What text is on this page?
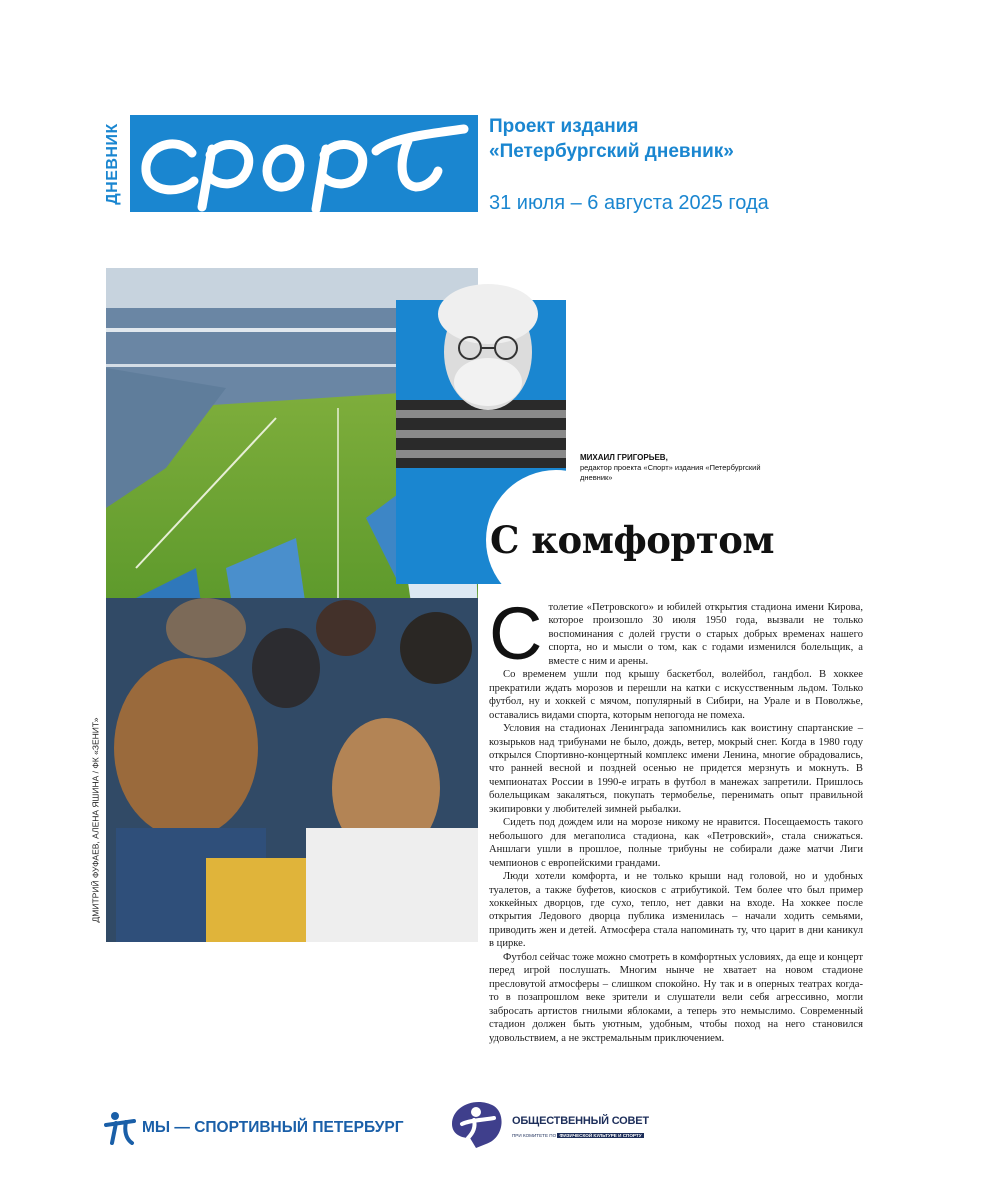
ДНЕВНИК	Проект издания
«Петербургский дневник»
31 июля – 6 августа 2025 года
ДМИТРИЙ ФУФАЕВ, АЛЕНА ЯШИНА / ФК «ЗЕНИТ»
МИХАИЛ ГРИГОРЬЕВ,
редактор проекта «Спорт» издания «Петербургский дневник»
С комфортом

Столетие «Петровского» и юбилей открытия стадиона имени Кирова, которое произошло 30 июля 1950 года, вызвали не только воспоминания с долей грусти о старых добрых временах нашего спорта, но и мысли о том, как с годами изменился болельщик, а вместе с ним и арены.

Со временем ушли под крышу баскетбол, волейбол, гандбол. В хоккее прекратили ждать морозов и перешли на катки с искусственным льдом. Только футбол, ну и хоккей с мячом, популярный в Сибири, на Урале и в Поволжье, оставались видами спорта, которым непогода не помеха.

Условия на стадионах Ленинграда запомнились как воистину спартанские – козырьков над трибунами не было, дождь, ветер, мокрый снег. Когда в 1980 году открылся Спортивно-концертный комплекс имени Ленина, многие обрадовались, что ранней весной и поздней осенью не придется мерзнуть и мокнуть. В чемпионатах России в 1990-е играть в футбол в манежах запретили. Пришлось болельщикам закаляться, покупать термобелье, перенимать опыт правильной экипировки у любителей зимней рыбалки.

Сидеть под дождем или на морозе никому не нравится. Посещаемость такого небольшого для мегаполиса стадиона, как «Петровский», стала снижаться. Аншлаги ушли в прошлое, полные трибуны не собирали даже матчи Лиги чемпионов с европейскими грандами.

Люди хотели комфорта, и не только крыши над головой, но и удобных туалетов, а также буфетов, киосков с атрибутикой. Тем более что был пример хоккейных дворцов, где сухо, тепло, нет давки на входе. На хоккее после открытия Ледового дворца публика изменилась – начали ходить семьями, приводить жен и детей. Атмосфера стала напоминать ту, что царит в дни каникул в цирке.

Футбол сейчас тоже можно смотреть в комфортных условиях, да еще и концерт перед игрой послушать. Многим нынче не хватает на новом стадионе пресловутой атмосферы – слишком спокойно. Ну так и в оперных театрах когда-то в позапрошлом веке зрители и слушатели вели себя агрессивно, могли забросать артистов гнилыми яблоками, а теперь это немыслимо. Современный стадион должен быть уютным, удобным, чтобы поход на него становился удовольствием, а не экстремальным приключением.

МЫ — СПОРТИВНЫЙ ПЕТЕРБУРГ	ОБЩЕСТВЕННЫЙ СОВЕТ
ПРИ КОМИТЕТЕ ПО ФИЗИЧЕСКОЙ КУЛЬТУРЕ И СПОРТУ
